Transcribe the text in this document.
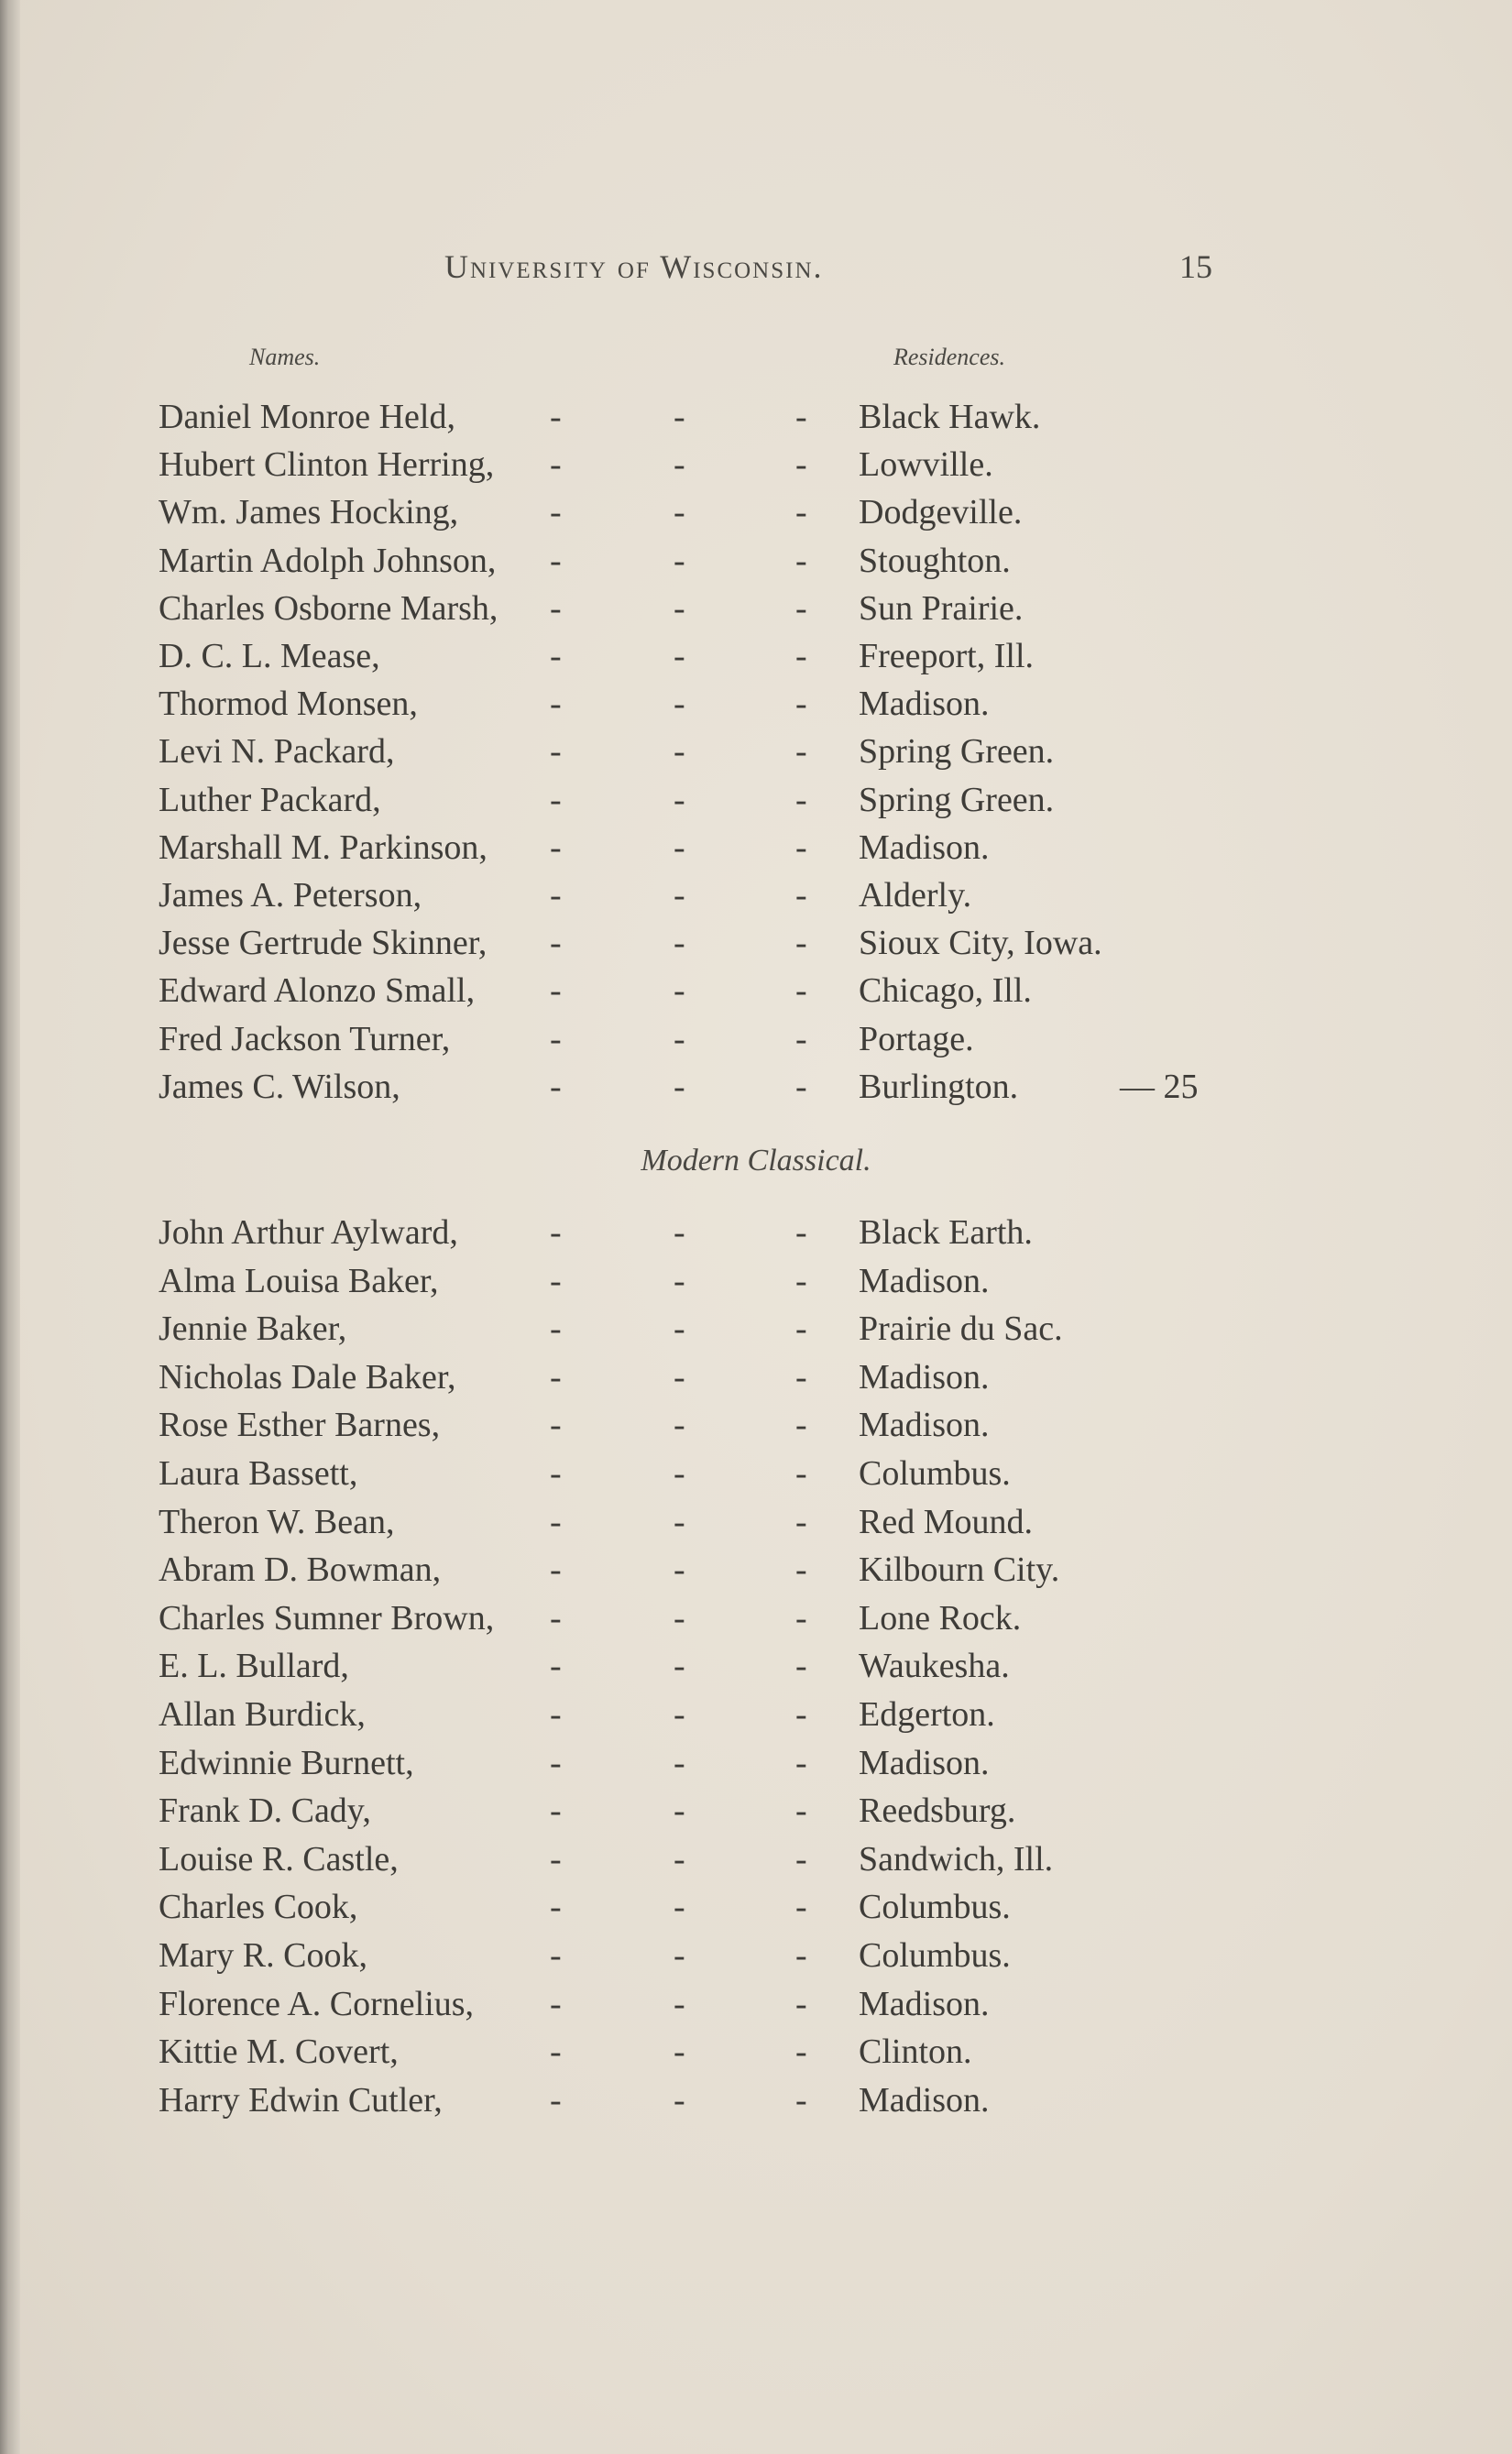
University of Wisconsin.	15
Names.	Residences.
Daniel Monroe Held,	-	-	- Black Hawk.
Hubert Clinton Herring, -	-	- Lowville.
Wm. James Hocking,	-	-	- Dodgeville.
Martin Adolph Johnson, -	-	- Stoughton.
Charles Osborne Marsh, -	-	- Sun Prairie.
D. C. L. Mease,	-	-	- Freeport, Ill.
Thormod Monsen,	-	-	- Madison.
Levi N. Packard,	-	-	- Spring Green.
Luther Packard,	-	-	- Spring Green.
Marshall M. Parkinson, -	-	- Madison.
James A. Peterson,	-	-	- Alderly.
Jesse Gertrude Skinner, -	-	- Sioux City, Iowa.
Edward Alonzo Small, -	-	- Chicago, Ill.
Fred Jackson Turner,	-	-	- Portage.
James C. Wilson,	-	-	- Burlington.	— 25
Modern Classical.
John Arthur Aylward,	-	-	- Black Earth.
Alma Louisa Baker,	-	-	- Madison.
Jennie Baker,	-	-	- Prairie du Sac.
Nicholas Dale Baker,	-	-	- Madison.
Rose Esther Barnes,	-	-	- Madison.
Laura Bassett,	-	-	- Columbus.
Theron W. Bean,	-	-	- Red Mound.
Abram D. Bowman,	-	-	- Kilbourn City.
Charles Sumner Brown, -	-	- Lone Rock.
E. L. Bullard,	-	-	- Waukesha.
Allan Burdick,	-	-	- Edgerton.
Edwinnie Burnett,	-	-	- Madison.
Frank D. Cady,	-	-	- Reedsburg.
Louise R. Castle,	-	-	- Sandwich, Ill.
Charles Cook,	-	-	- Columbus.
Mary R. Cook,	-	-	- Columbus.
Florence A. Cornelius, -	-	- Madison.
Kittie M. Covert,	-	-	- Clinton.
Harry Edwin Cutler,	-	-	- Madison.
